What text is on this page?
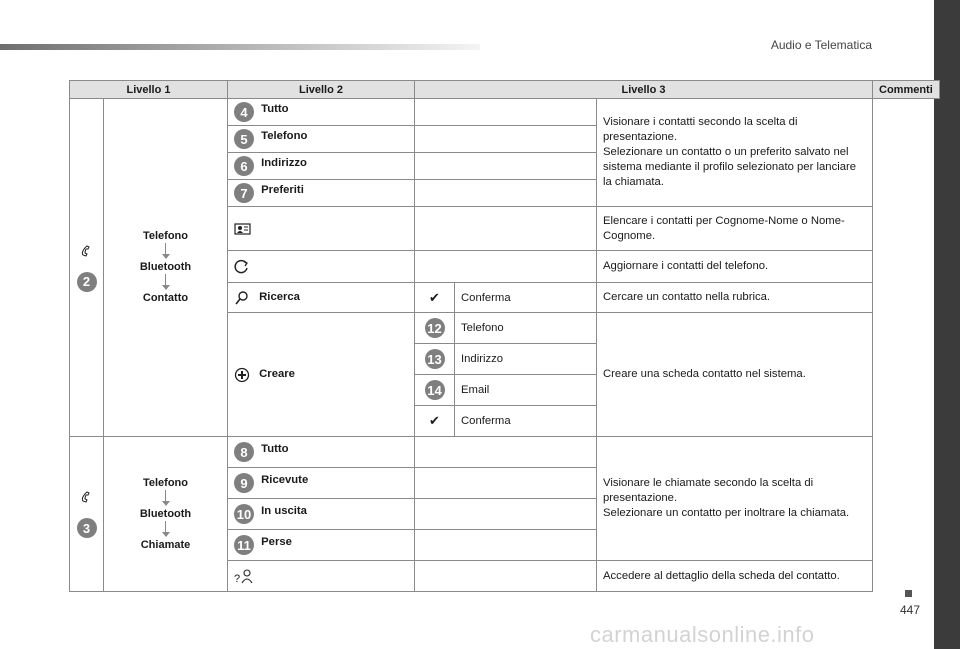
Audio e Telematica
447
carmanualsonline.info
Livello 1	Livello 2	Livello 3	Commenti
2	Telefono
Bluetooth
Contatto	4 Tutto			Visionare i contatti secondo la scelta di presentazione.
Selezionare un contatto o un preferito salvato nel sistema mediante il profilo selezionato per lanciare la chiamata.
		5 Telefono			
		6 Indirizzo			
		7 Preferiti			
		Elencare i contatti per Cognome-Nome o Nome-Cognome.
		Aggiornare i contatti del telefono.
		Ricerca	✔	Conferma	Cercare un contatto nella rubrica.
		Creare	12	Telefono	Creare una scheda contatto nel sistema.
			13	Indirizzo	
			14	Email	
			✔	Conferma	

3	Telefono
Bluetooth
Chiamate	8 Tutto			Visionare le chiamate secondo la scelta di presentazione.
Selezionare un contatto per inoltrare la chiamata.
		9 Ricevute			
		10 In uscita			
		11 Perse			

?			Accedere al dettaglio della scheda del contatto.
